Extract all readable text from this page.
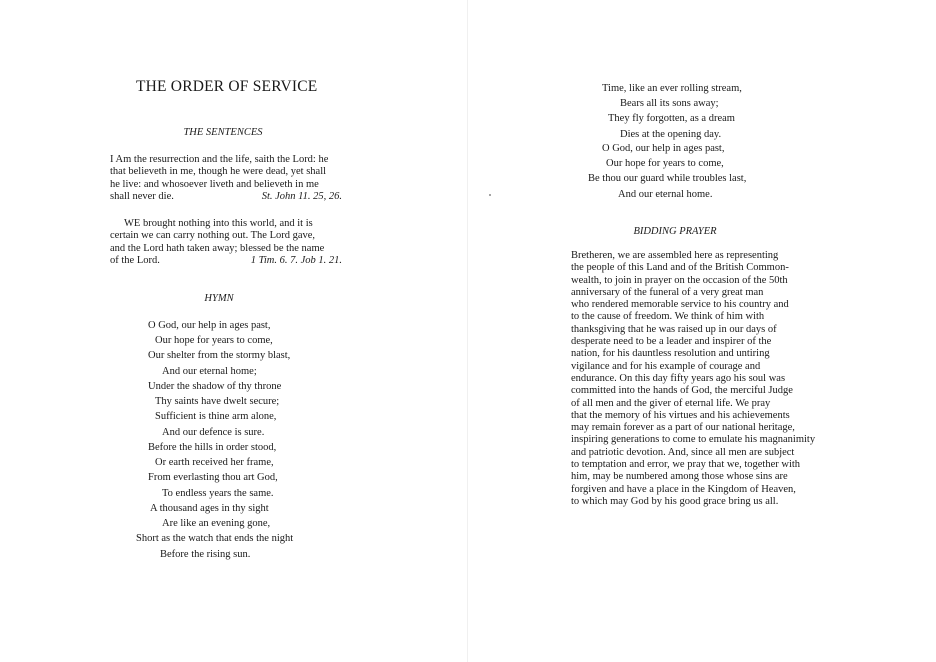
THE ORDER OF SERVICE
THE SENTENCES
I Am the resurrection and the life, saith the Lord: he
that believeth in me, though he were dead, yet shall
he live: and whosoever liveth and believeth in me
shall never die.	St. John 11. 25, 26.
WE brought nothing into this world, and it is
certain we can carry nothing out. The Lord gave,
and the Lord hath taken away; blessed be the name
of the Lord.	1 Tim. 6. 7. Job 1. 21.
HYMN
O God, our help in ages past,
Our hope for years to come,
Our shelter from the stormy blast,
And our eternal home;
Under the shadow of thy throne
Thy saints have dwelt secure;
Sufficient is thine arm alone,
And our defence is sure.
Before the hills in order stood,
Or earth received her frame,
From everlasting thou art God,
To endless years the same.
A thousand ages in thy sight
Are like an evening gone,
Short as the watch that ends the night
Before the rising sun.
Time, like an ever rolling stream,
Bears all its sons away;
They fly forgotten, as a dream
Dies at the opening day.
O God, our help in ages past,
Our hope for years to come,
Be thou our guard while troubles last,
And our eternal home.
BIDDING PRAYER
Bretheren, we are assembled here as representing
the people of this Land and of the British Common-
wealth, to join in prayer on the occasion of the 50th
anniversary of the funeral of a very great man
who rendered memorable service to his country and
to the cause of freedom. We think of him with
thanksgiving that he was raised up in our days of
desperate need to be a leader and inspirer of the
nation, for his dauntless resolution and untiring
vigilance and for his example of courage and
endurance. On this day fifty years ago his soul was
committed into the hands of God, the merciful Judge
of all men and the giver of eternal life. We pray
that the memory of his virtues and his achievements
may remain forever as a part of our national heritage,
inspiring generations to come to emulate his magnanimity
and patriotic devotion. And, since all men are subject
to temptation and error, we pray that we, together with
him, may be numbered among those whose sins are
forgiven and have a place in the Kingdom of Heaven,
to which may God by his good grace bring us all.
